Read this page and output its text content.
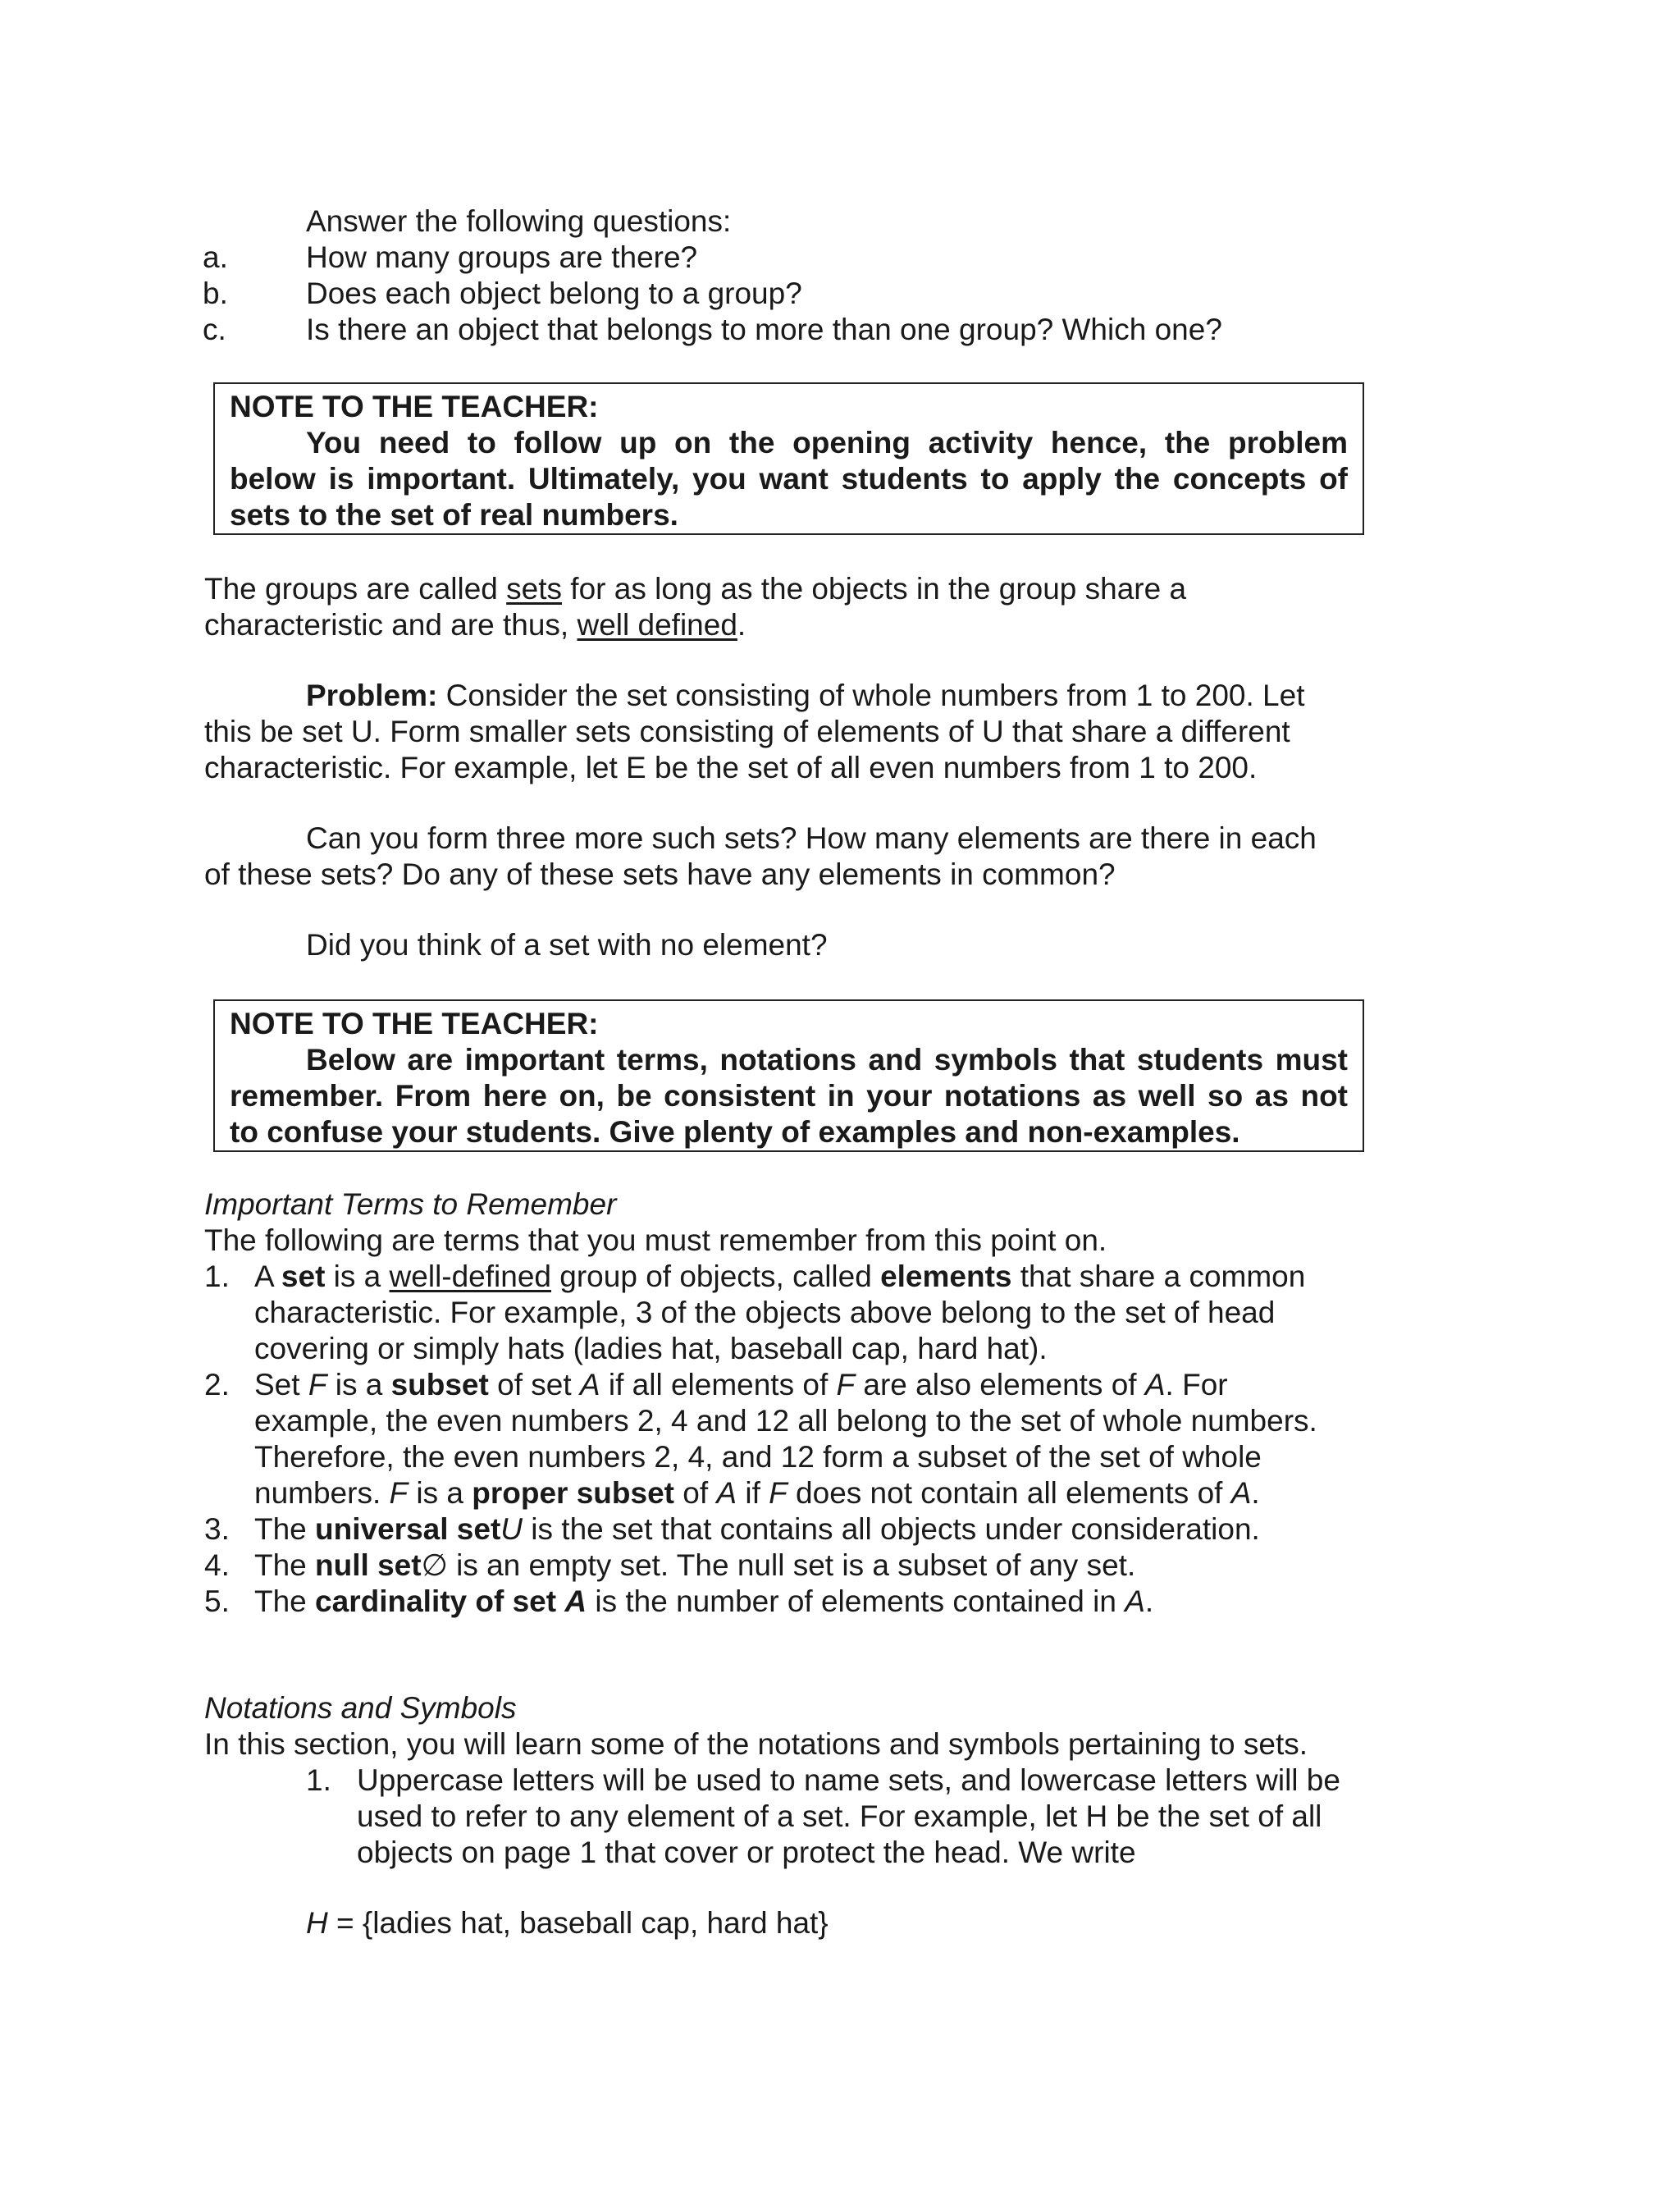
Answer the following questions:
a.	How many groups are there?
b.	Does each object belong to a group?
c.	Is there an object that belongs to more than one group? Which one?
NOTE TO THE TEACHER:
You need to follow up on the opening activity hence, the problem
below is important. Ultimately, you want students to apply the concepts of
sets to the set of real numbers.
The groups are called sets for as long as the objects in the group share a
characteristic and are thus, well defined.
Problem: Consider the set consisting of whole numbers from 1 to 200. Let
this be set U. Form smaller sets consisting of elements of U that share a different
characteristic. For example, let E be the set of all even numbers from 1 to 200.
Can you form three more such sets? How many elements are there in each
of these sets? Do any of these sets have any elements in common?
Did you think of a set with no element?
NOTE TO THE TEACHER:
Below are important terms, notations and symbols that students must
remember. From here on, be consistent in your notations as well so as not
to confuse your students. Give plenty of examples and non-examples.
Important Terms to Remember
The following are terms that you must remember from this point on.
1. A set is a well-defined group of objects, called elements that share a common
characteristic. For example, 3 of the objects above belong to the set of head
covering or simply hats (ladies hat, baseball cap, hard hat).
2. Set F is a subset of set A if all elements of F are also elements of A. For
example, the even numbers 2, 4 and 12 all belong to the set of whole numbers.
Therefore, the even numbers 2, 4, and 12 form a subset of the set of whole
numbers. F is a proper subset of A if F does not contain all elements of A.
3. The universal setU is the set that contains all objects under consideration.
4. The null set∅ is an empty set. The null set is a subset of any set.
5. The cardinality of set A is the number of elements contained in A.
Notations and Symbols
In this section, you will learn some of the notations and symbols pertaining to sets.
1. Uppercase letters will be used to name sets, and lowercase letters will be
used to refer to any element of a set. For example, let H be the set of all
objects on page 1 that cover or protect the head. We write
H = {ladies hat, baseball cap, hard hat}
